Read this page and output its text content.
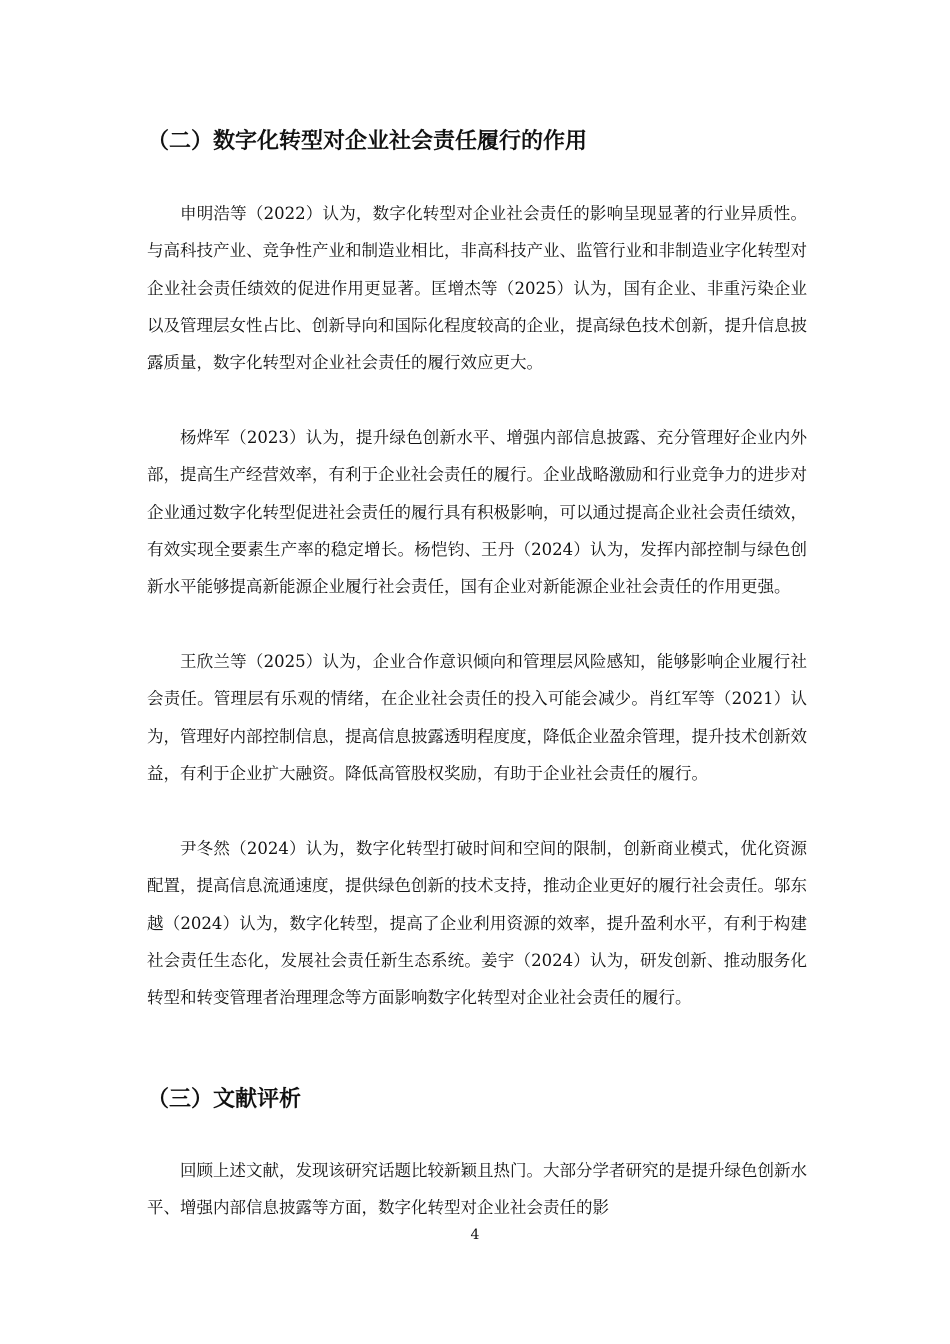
（二）数字化转型对企业社会责任履行的作用

申明浩等（2022）认为，数字化转型对企业社会责任的影响呈现显著的行业异质性。与高科技产业、竞争性产业和制造业相比，非高科技产业、监管行业和非制造业字化转型对企业社会责任绩效的促进作用更显著。匡增杰等（2025）认为，国有企业、非重污染企业以及管理层女性占比、创新导向和国际化程度较高的企业，提高绿色技术创新，提升信息披露质量，数字化转型对企业社会责任的履行效应更大。

杨烨军（2023）认为，提升绿色创新水平、增强内部信息披露、充分管理好企业内外部，提高生产经营效率，有利于企业社会责任的履行。企业战略激励和行业竞争力的进步对企业通过数字化转型促进社会责任的履行具有积极影响，可以通过提高企业社会责任绩效，有效实现全要素生产率的稳定增长。杨恺钧、王丹（2024）认为，发挥内部控制与绿色创新水平能够提高新能源企业履行社会责任，国有企业对新能源企业社会责任的作用更强。

王欣兰等（2025）认为，企业合作意识倾向和管理层风险感知，能够影响企业履行社会责任。管理层有乐观的情绪，在企业社会责任的投入可能会减少。肖红军等（2021）认为，管理好内部控制信息，提高信息披露透明程度度，降低企业盈余管理，提升技术创新效益，有利于企业扩大融资。降低高管股权奖励，有助于企业社会责任的履行。

尹冬然（2024）认为，数字化转型打破时间和空间的限制，创新商业模式，优化资源配置，提高信息流通速度，提供绿色创新的技术支持，推动企业更好的履行社会责任。邬东越（2024）认为，数字化转型，提高了企业利用资源的效率，提升盈利水平，有利于构建社会责任生态化，发展社会责任新生态系统。姜宇（2024）认为，研发创新、推动服务化转型和转变管理者治理理念等方面影响数字化转型对企业社会责任的履行。

（三）文献评析

回顾上述文献，发现该研究话题比较新颖且热门。大部分学者研究的是提升绿色创新水平、增强内部信息披露等方面，数字化转型对企业社会责任的影

4
